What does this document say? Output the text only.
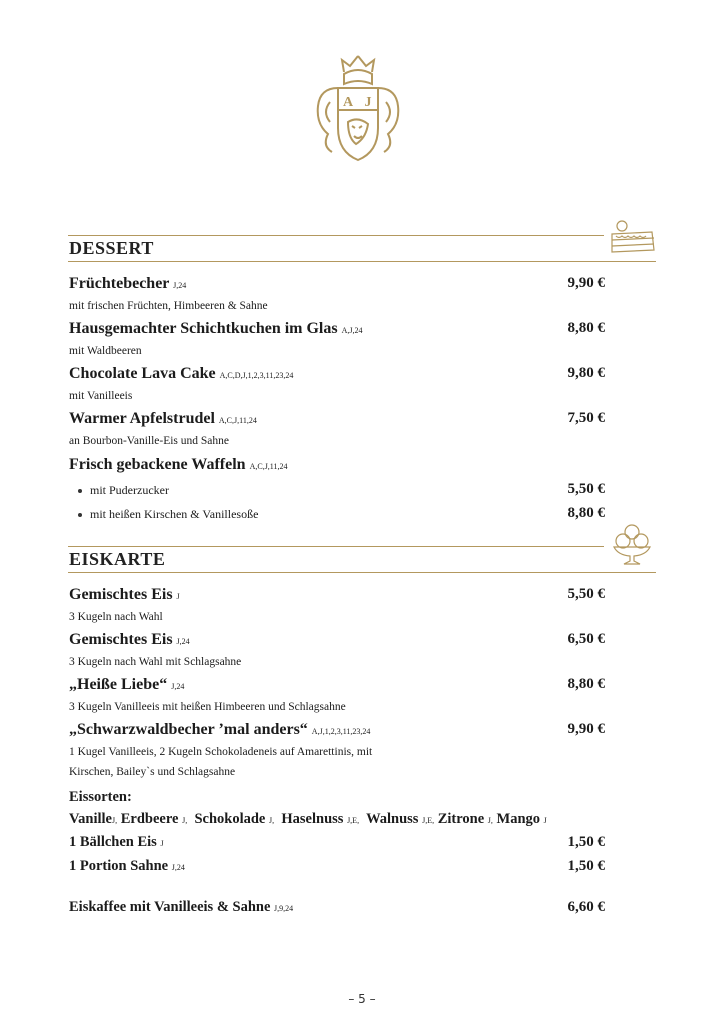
A J
DESSERT
Früchtebecher J,24	9,90 €
mit frischen Früchten, Himbeeren & Sahne
Hausgemachter Schichtkuchen im Glas A,J,24	8,80 €
mit Waldbeeren
Chocolate Lava Cake A,C,D,J,1,2,3,11,23,24	9,80 €
mit Vanilleeis
Warmer Apfelstrudel A,C,J,11,24	7,50 €
an Bourbon-Vanille-Eis und Sahne
Frisch gebackene Waffeln A,C,J,11,24
mit Puderzucker	5,50 €
mit heißen Kirschen & Vanillesoße	8,80 €
EISKARTE
Gemischtes Eis J	5,50 €
3 Kugeln nach Wahl
Gemischtes Eis J,24	6,50 €
3 Kugeln nach Wahl mit Schlagsahne
„Heiße Liebe“ J,24	8,80 €
3 Kugeln Vanilleeis mit heißen Himbeeren und Schlagsahne
„Schwarzwaldbecher ’mal anders“ A,J,1,2,3,11,23,24	9,90 €
1 Kugel Vanilleeis, 2 Kugeln Schokoladeneis auf Amarettinis, mit
Kirschen, Bailey`s und Schlagsahne
Eissorten:
VanilleJ, Erdbeere J, Schokolade J, Haselnuss J,E, Walnuss J,E, Zitrone J, Mango J
1 Bällchen Eis J	1,50 €
1 Portion Sahne J,24	1,50 €
Eiskaffee mit Vanilleeis & Sahne J,9,24	6,60 €
– 5 –
